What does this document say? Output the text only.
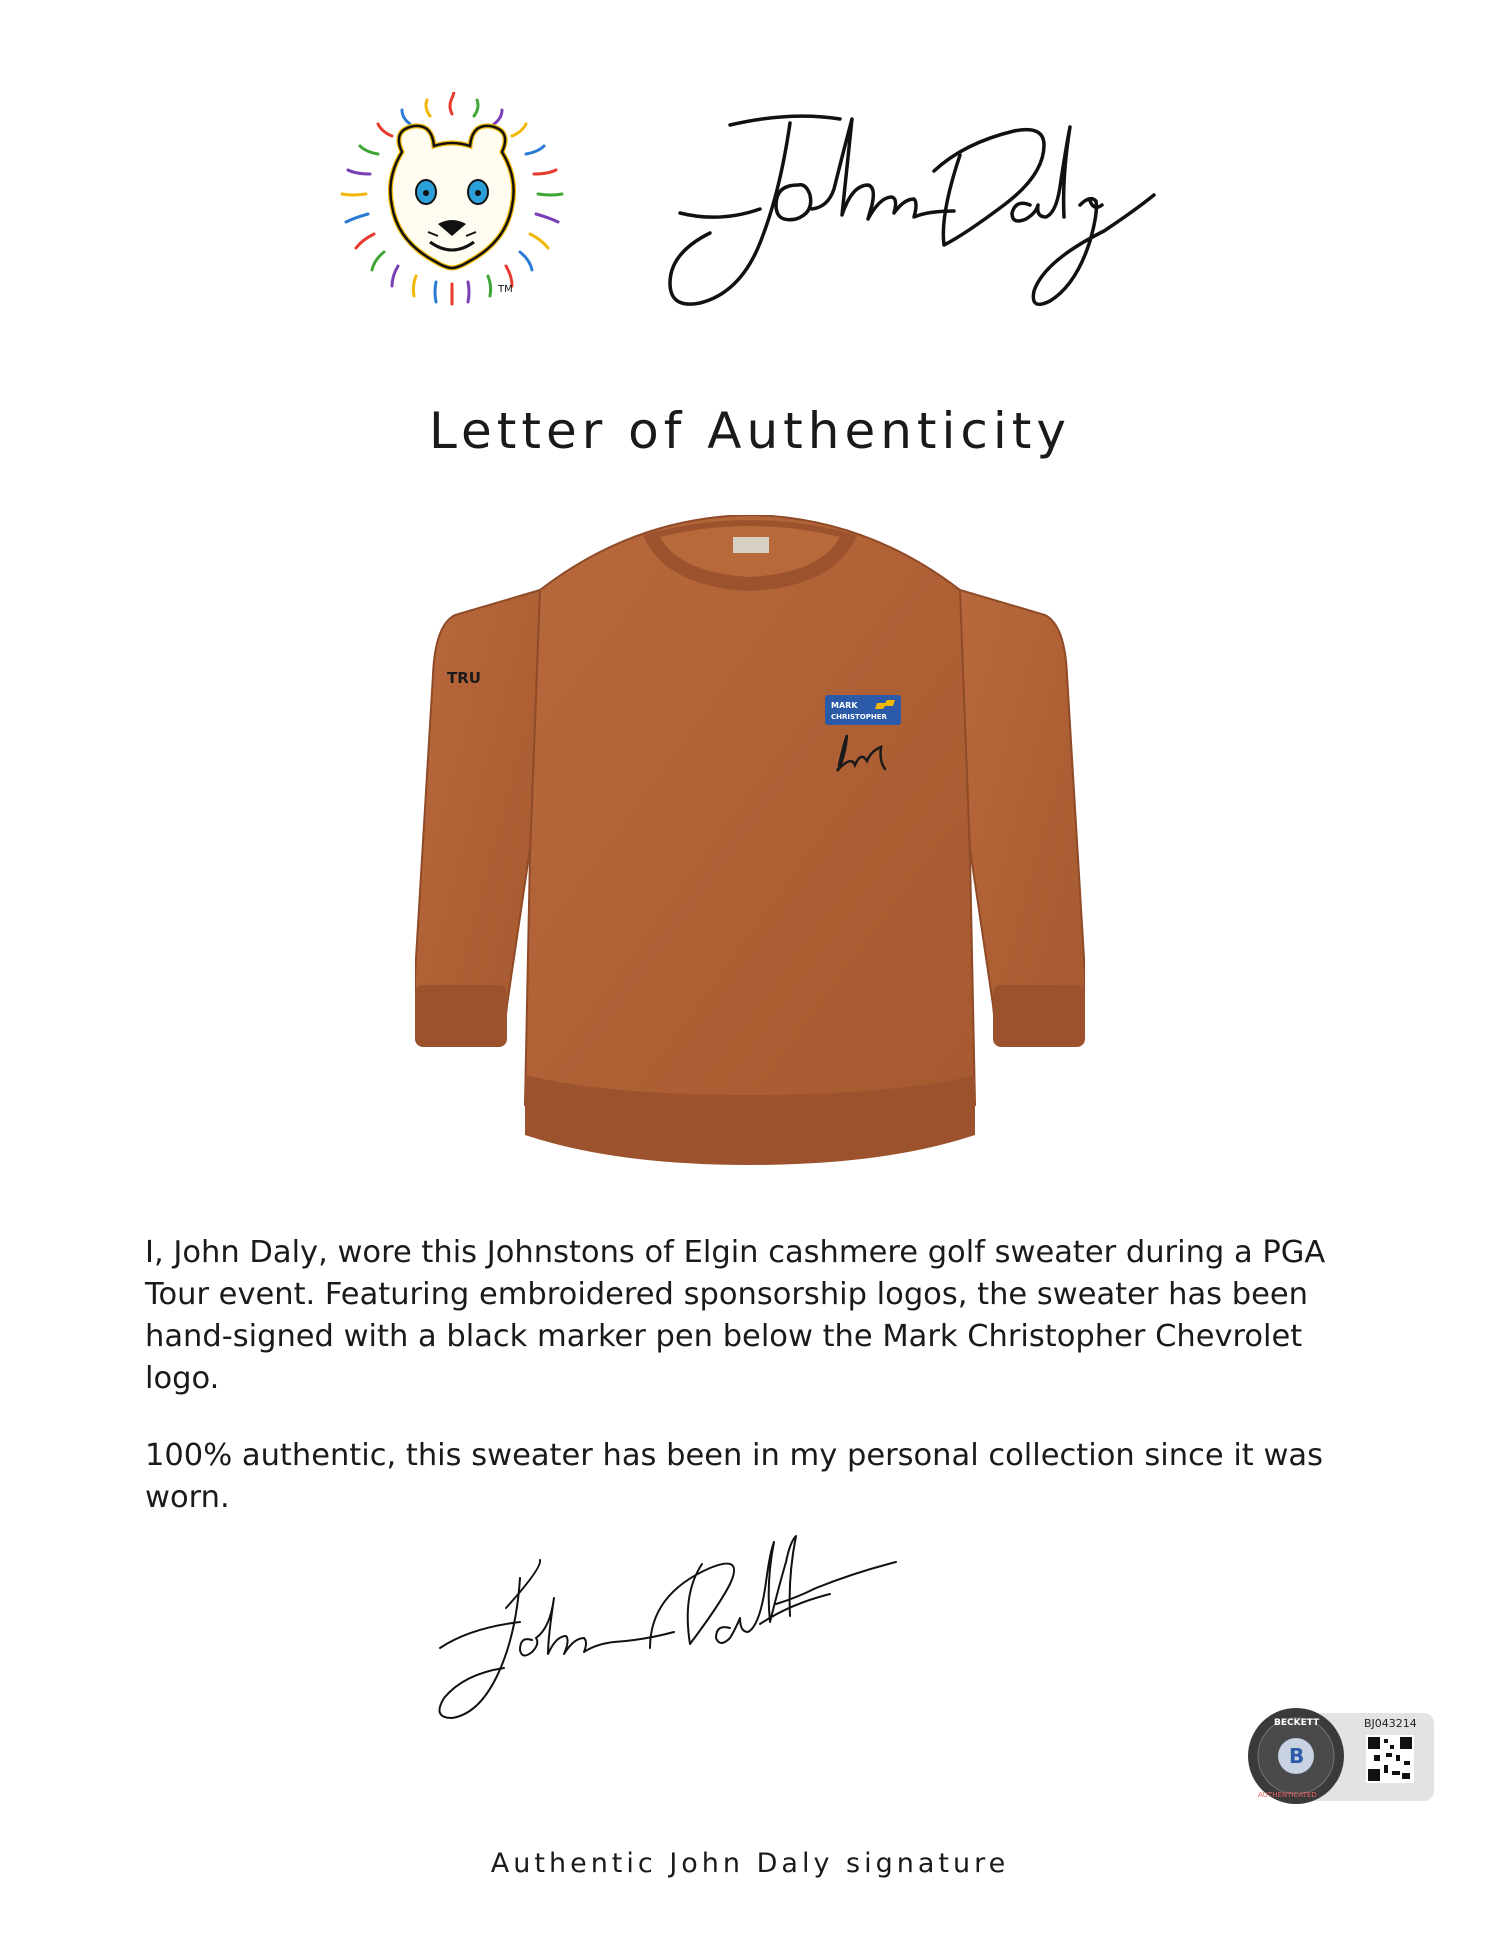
TM
Letter of Authenticity
TRU
MARK
CHRISTOPHER

I, John Daly, wore this Johnstons of Elgin cashmere golf sweater during a PGA Tour event. Featuring embroidered sponsorship logos, the sweater has been hand-signed with a black marker pen below the Mark Christopher Chevrolet logo.

100% authentic, this sweater has been in my personal collection since it was worn.

B
BECKETT
AUTHENTICATED
BJ043214
Authentic John Daly signature
